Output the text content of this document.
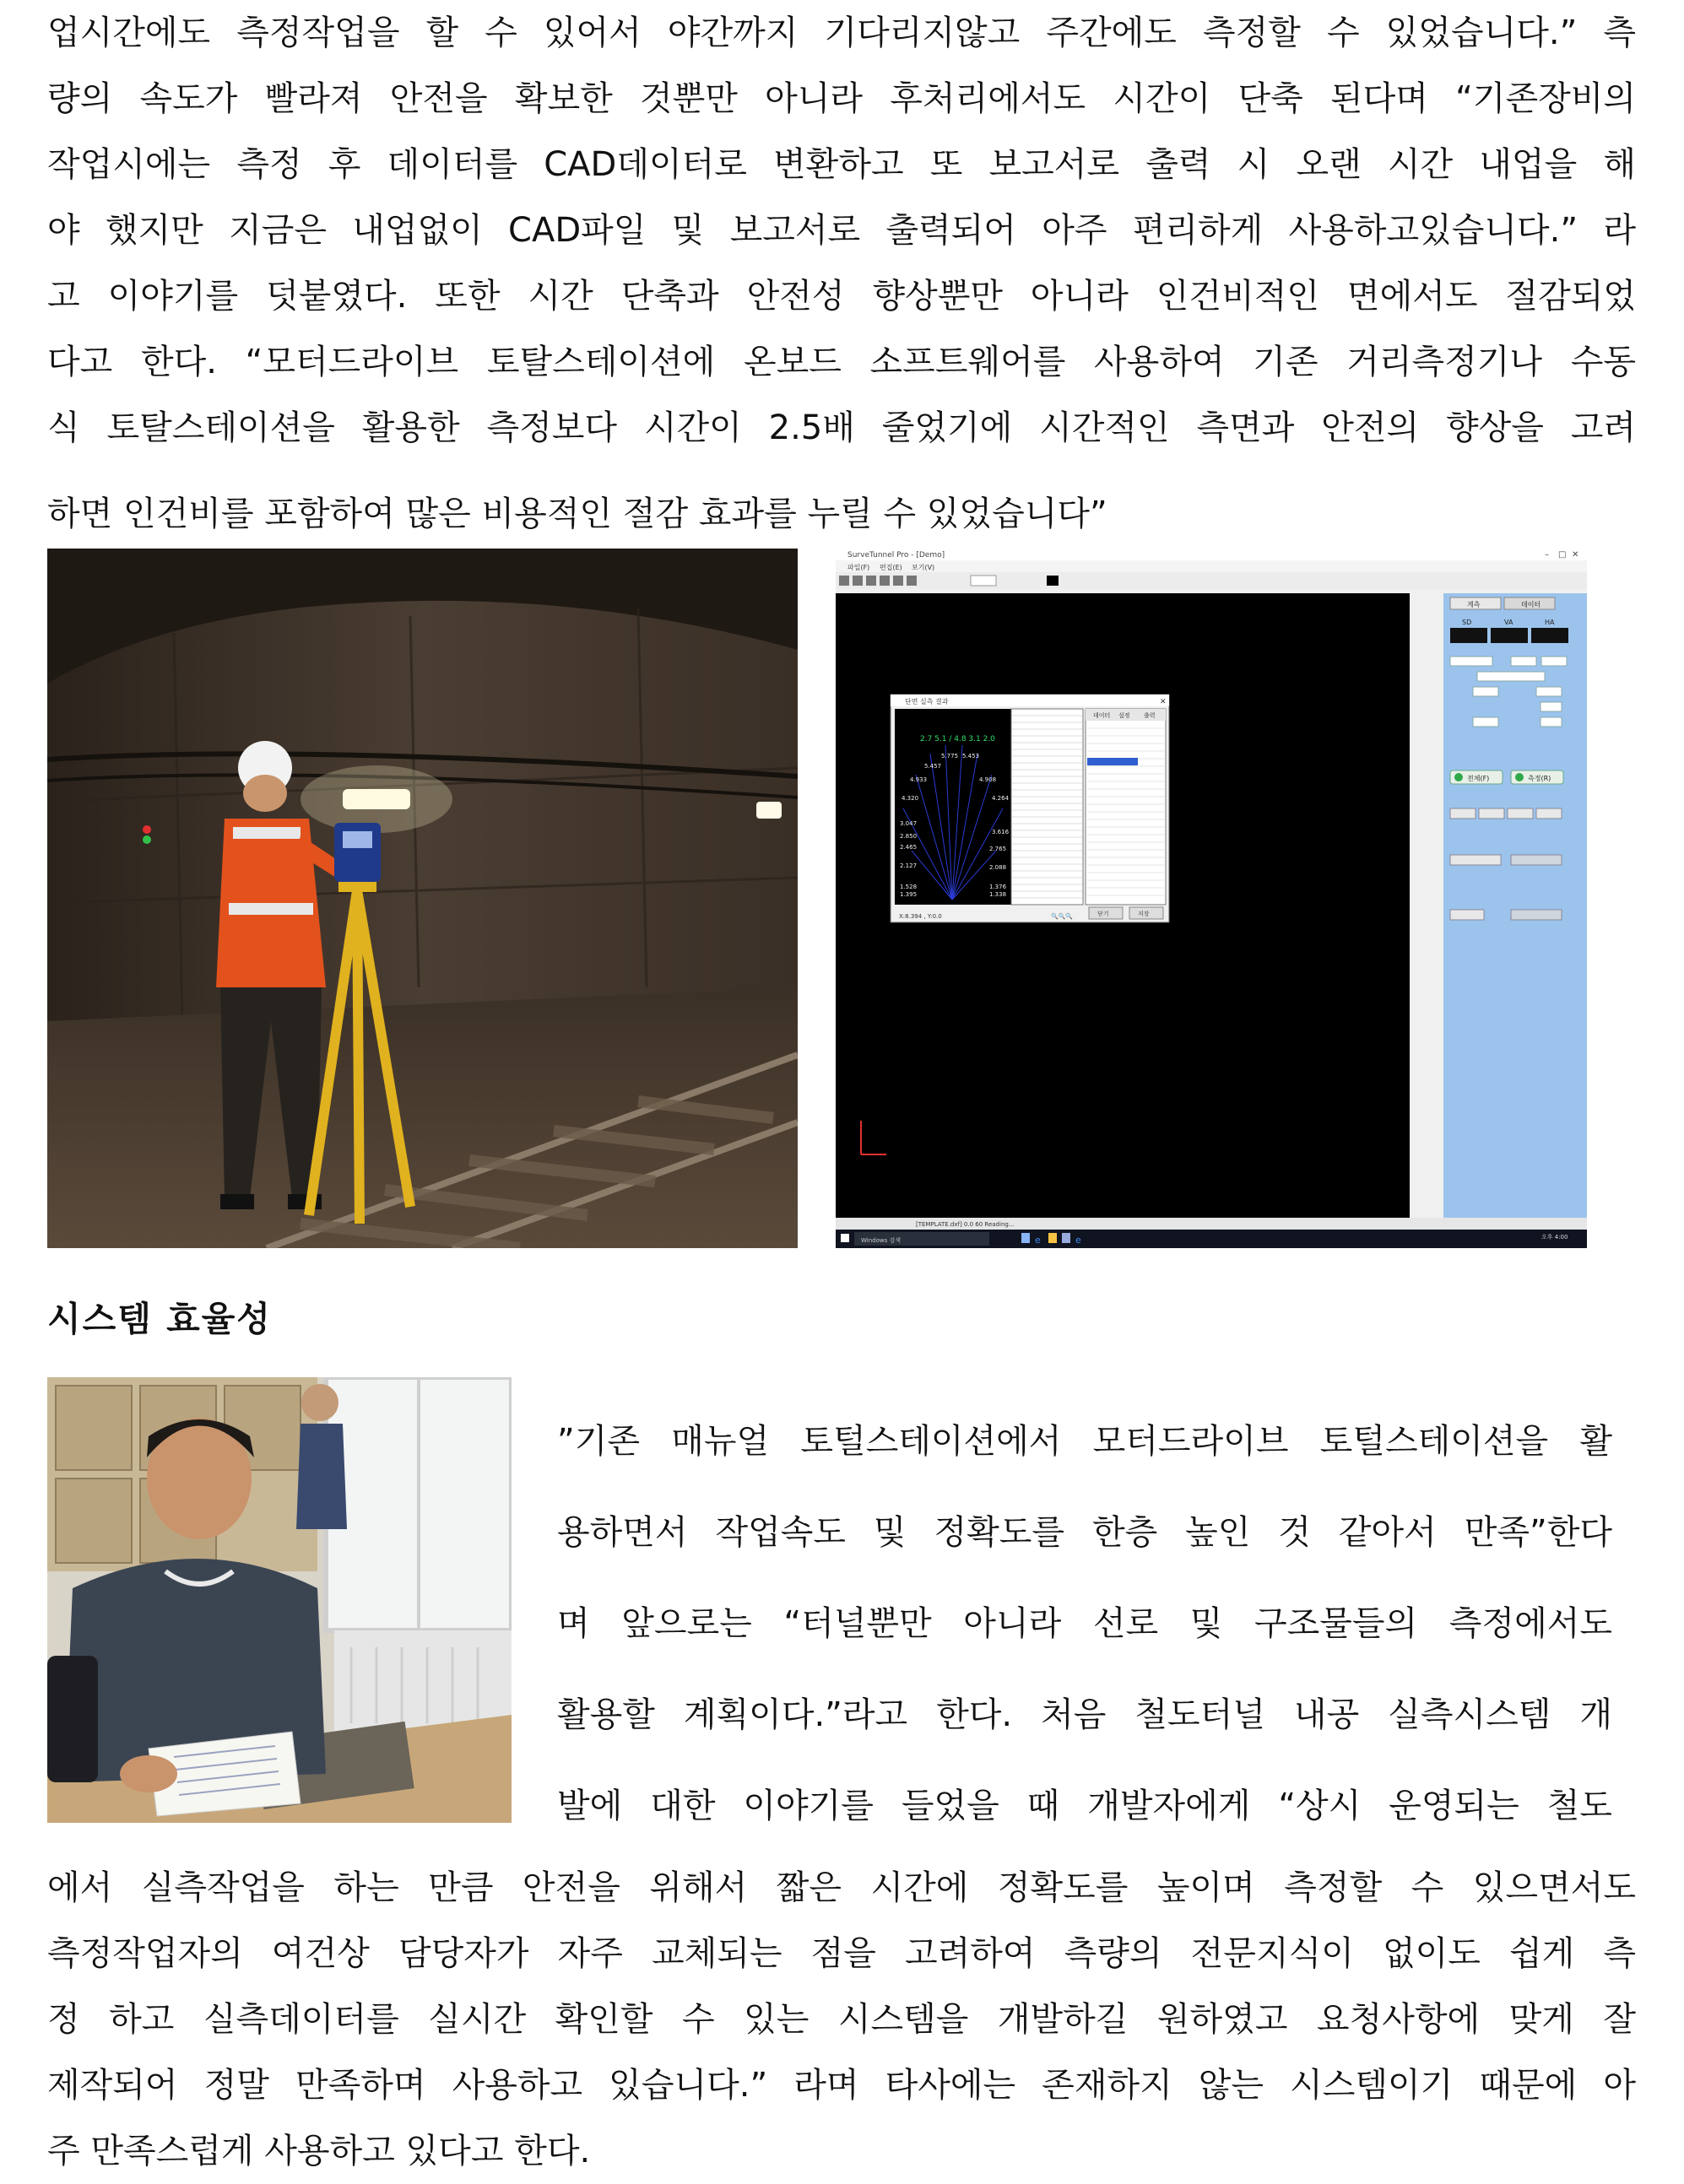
업시간에도 측정작업을 할 수 있어서 야간까지 기다리지않고 주간에도 측정할 수 있었습니다.” 측
량의 속도가 빨라져 안전을 확보한 것뿐만 아니라 후처리에서도 시간이 단축 된다며 “기존장비의
작업시에는 측정 후 데이터를 CAD데이터로 변환하고 또 보고서로 출력 시 오랜 시간 내업을 해
야 했지만 지금은 내업없이 CAD파일 및 보고서로 출력되어 아주 편리하게 사용하고있습니다.” 라
고 이야기를 덧붙였다. 또한 시간 단축과 안전성 향상뿐만 아니라 인건비적인 면에서도 절감되었
다고 한다. “모터드라이브 토탈스테이션에 온보드 소프트웨어를 사용하여 기존 거리측정기나 수동
식 토탈스테이션을 활용한 측정보다 시간이 2.5배 줄었기에 시간적인 측면과 안전의 향상을 고려
하면 인건비를 포함하여 많은 비용적인 절감 효과를 누릴 수 있었습니다”
SurveTunnel Pro - [Demo]	– □ ✕
파일(F) 편집(E) 보기(V)
계측	데이터
SD	VA	HA
전체(F)	측정(R)
단면 실측 결과	✕
2.7 5.1 / 4.8 3.1 2.0
5.775 5.453
5.457
4.933	4.908
4.320	4.264
3.616
3.047
2.850
2.765
2.465
2.127	2.088
1.528	1.376
1.395	1.338
데이터 설정 출력
X:8.394 , Y:0.0	🔍🔍🔍	닫기	저장
[TEMPLATE.dxf] 0.0 60 Reading...
Windows 검색	e	e	오후 4:00
시스템 효율성
”기존 매뉴얼 토털스테이션에서 모터드라이브 토털스테이션을 활
용하면서 작업속도 및 정확도를 한층 높인 것 같아서 만족”한다
며 앞으로는 “터널뿐만 아니라 선로 및 구조물들의 측정에서도
활용할 계획이다.”라고 한다. 처음 철도터널 내공 실측시스템 개
발에 대한 이야기를 들었을 때 개발자에게 “상시 운영되는 철도
에서 실측작업을 하는 만큼 안전을 위해서 짧은 시간에 정확도를 높이며 측정할 수 있으면서도
측정작업자의 여건상 담당자가 자주 교체되는 점을 고려하여 측량의 전문지식이 없이도 쉽게 측
정 하고 실측데이터를 실시간 확인할 수 있는 시스템을 개발하길 원하였고 요청사항에 맞게 잘
제작되어 정말 만족하며 사용하고 있습니다.” 라며 타사에는 존재하지 않는 시스템이기 때문에 아
주 만족스럽게 사용하고 있다고 한다.
